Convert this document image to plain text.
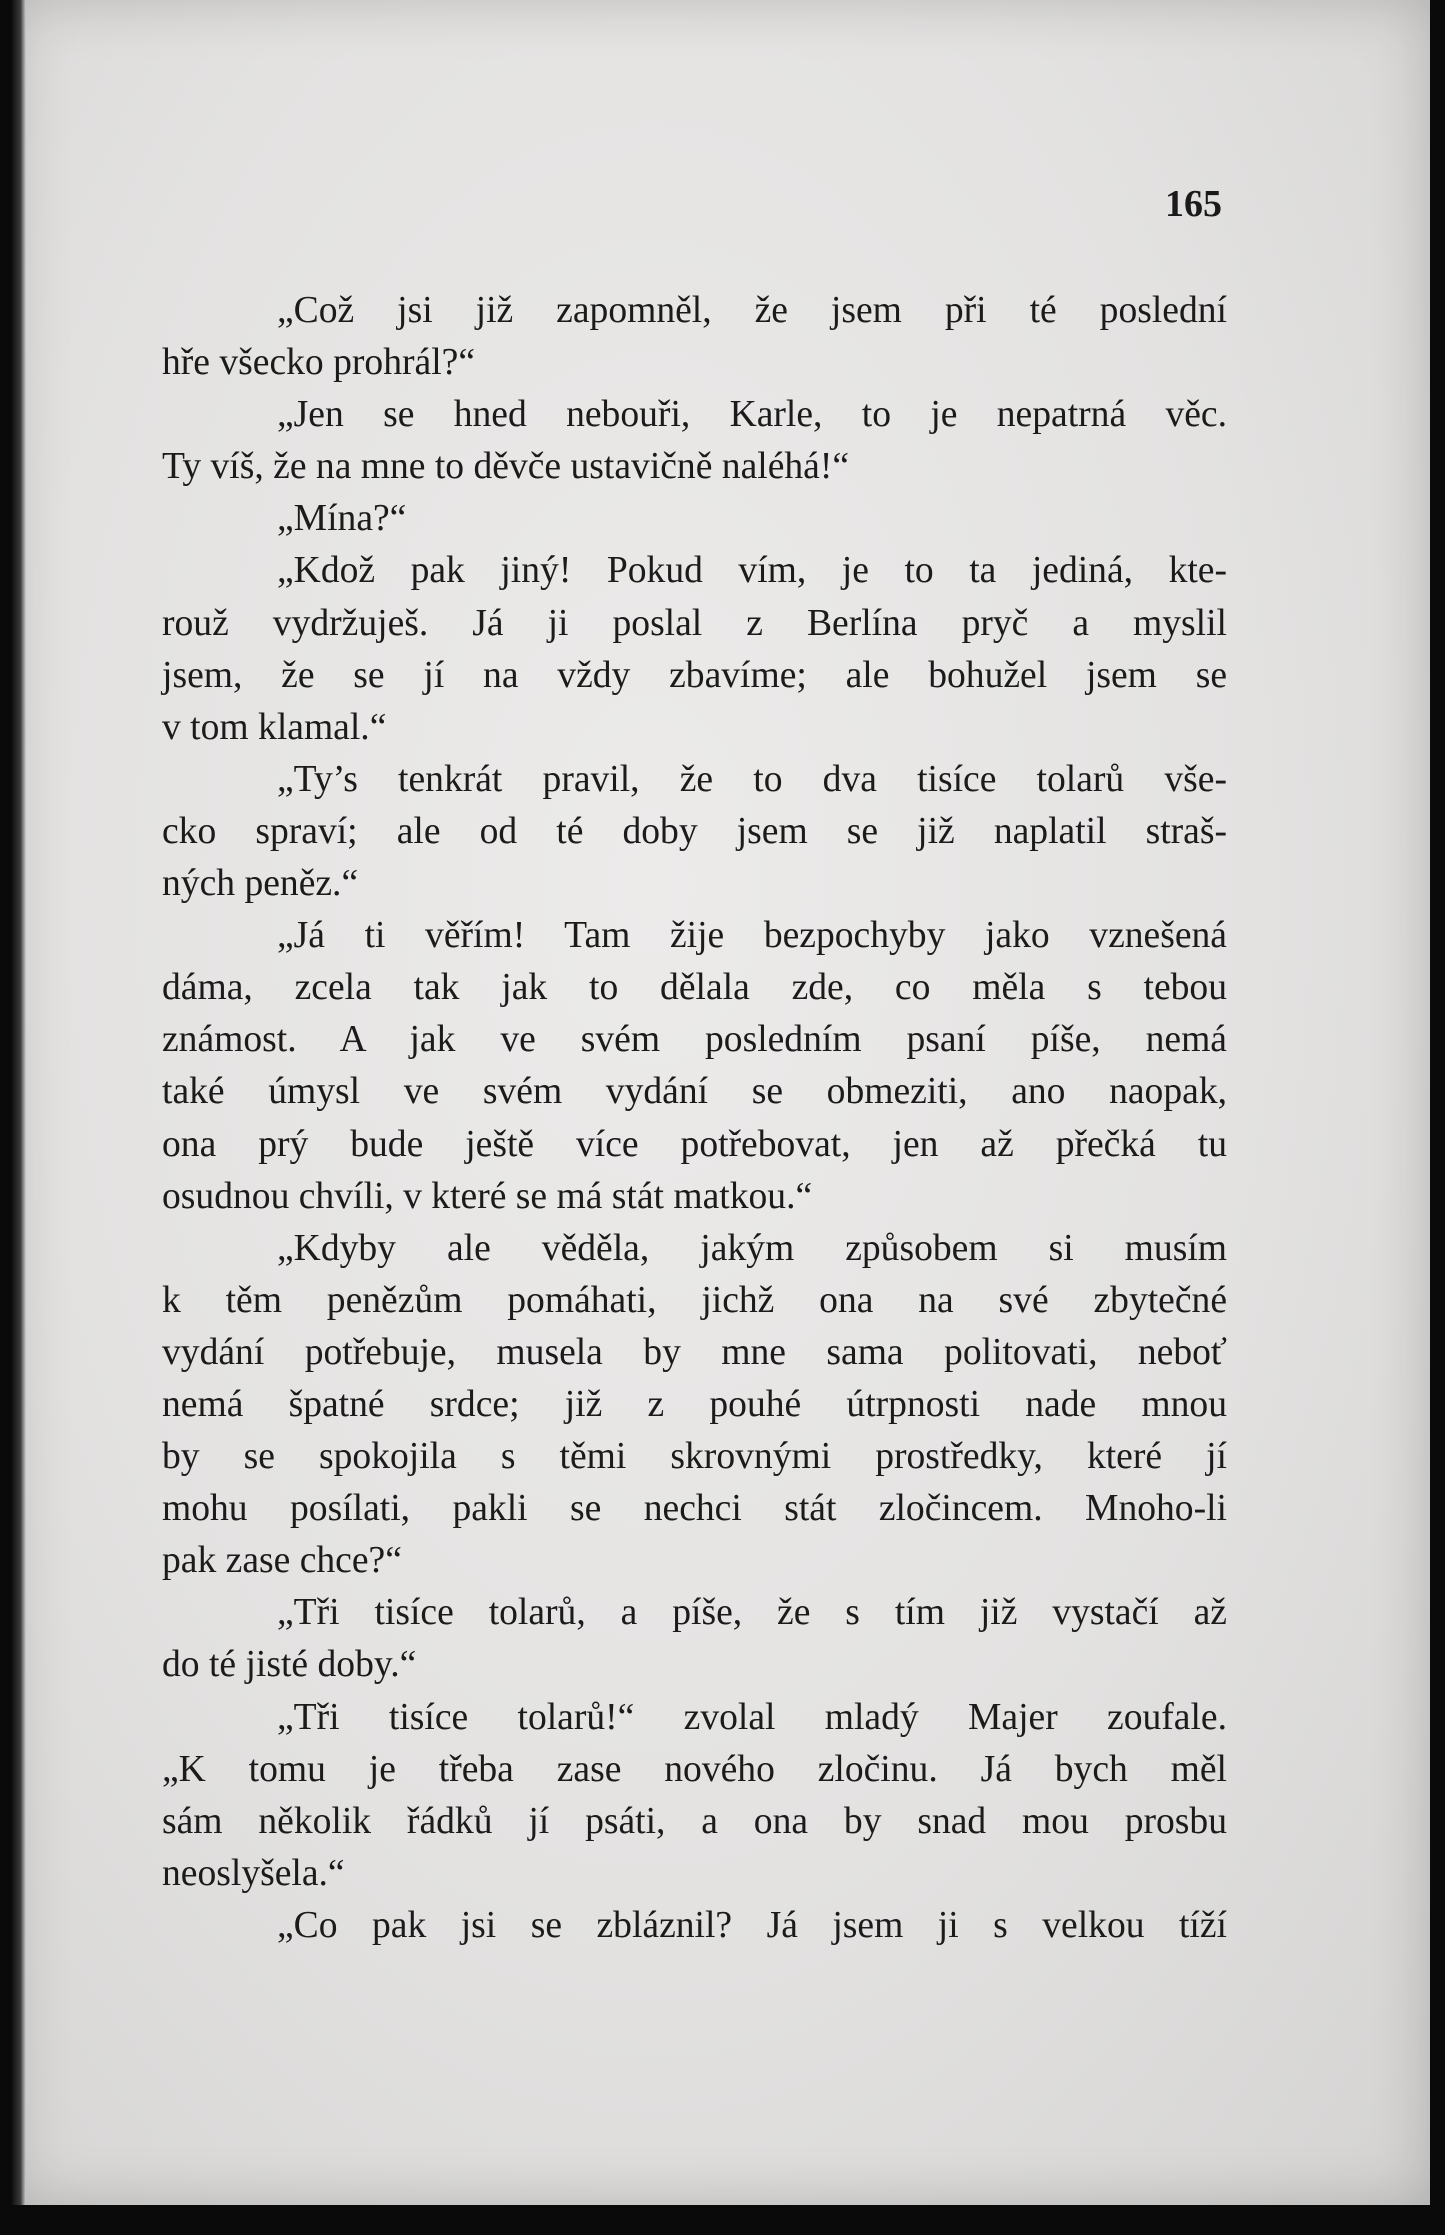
165
„Což jsi již zapomněl, že jsem při té poslední
hře všecko prohrál?“
„Jen se hned nebouři, Karle, to je nepatrná věc.
Ty víš, že na mne to děvče ustavičně naléhá!“
„Mína?“
„Kdož pak jiný! Pokud vím, je to ta jediná, kte-
rouž vydržuješ. Já ji poslal z Berlína pryč a myslil
jsem, že se jí na vždy zbavíme; ale bohužel jsem se
v tom klamal.“
„Ty’s tenkrát pravil, že to dva tisíce tolarů vše-
cko spraví; ale od té doby jsem se již naplatil straš-
ných peněz.“
„Já ti věřím! Tam žije bezpochyby jako vznešená
dáma, zcela tak jak to dělala zde, co měla s tebou
známost. A jak ve svém posledním psaní píše, nemá
také úmysl ve svém vydání se obmeziti, ano naopak,
ona prý bude ještě více potřebovat, jen až přečká tu
osudnou chvíli, v které se má stát matkou.“
„Kdyby ale věděla, jakým způsobem si musím
k těm penězům pomáhati, jichž ona na své zbytečné
vydání potřebuje, musela by mne sama politovati, neboť
nemá špatné srdce; již z pouhé útrpnosti nade mnou
by se spokojila s těmi skrovnými prostředky, které jí
mohu posílati, pakli se nechci stát zločincem. Mnoho-li
pak zase chce?“
„Tři tisíce tolarů, a píše, že s tím již vystačí až
do té jisté doby.“
„Tři tisíce tolarů!“ zvolal mladý Majer zoufale.
„K tomu je třeba zase nového zločinu. Já bych měl
sám několik řádků jí psáti, a ona by snad mou prosbu
neoslyšela.“
„Co pak jsi se zbláznil? Já jsem ji s velkou tíží
